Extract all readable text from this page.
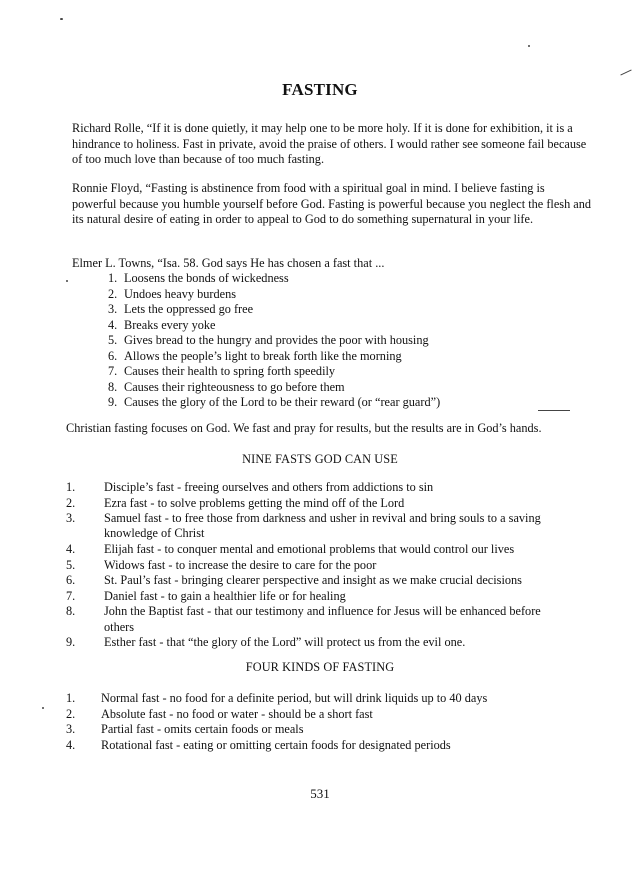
FASTING

Richard Rolle, “If it is done quietly, it may help one to be more holy. If it is done for exhibition, it is a hindrance to holiness. Fast in private, avoid the praise of others. I would rather see someone fail because of too much love than because of too much fasting.

Ronnie Floyd, “Fasting is abstinence from food with a spiritual goal in mind. I believe fasting is powerful because you humble yourself before God. Fasting is powerful because you neglect the flesh and its natural desire of eating in order to appeal to God to do something supernatural in your life.

Elmer L. Towns, “Isa. 58. God says He has chosen a fast that ...

1. Loosens the bonds of wickedness
2. Undoes heavy burdens
3. Lets the oppressed go free
4. Breaks every yoke
5. Gives bread to the hungry and provides the poor with housing
6. Allows the people’s light to break forth like the morning
7. Causes their health to spring forth speedily
8. Causes their righteousness to go before them
9. Causes the glory of the Lord to be their reward (or “rear guard”)

Christian fasting focuses on God. We fast and pray for results, but the results are in God’s hands.

NINE FASTS GOD CAN USE
1. Disciple’s fast - freeing ourselves and others from addictions to sin
2. Ezra fast - to solve problems getting the mind off of the Lord
3. Samuel fast - to free those from darkness and usher in revival and bring souls to a saving knowledge of Christ
4. Elijah fast - to conquer mental and emotional problems that would control our lives
5. Widows fast - to increase the desire to care for the poor
6. St. Paul’s fast - bringing clearer perspective and insight as we make crucial decisions
7. Daniel fast - to gain a healthier life or for healing
8. John the Baptist fast - that our testimony and influence for Jesus will be enhanced before others
9. Esther fast - that “the glory of the Lord” will protect us from the evil one.
FOUR KINDS OF FASTING
1. Normal fast - no food for a definite period, but will drink liquids up to 40 days
2. Absolute fast - no food or water - should be a short fast
3. Partial fast - omits certain foods or meals
4. Rotational fast - eating or omitting certain foods for designated periods
531
